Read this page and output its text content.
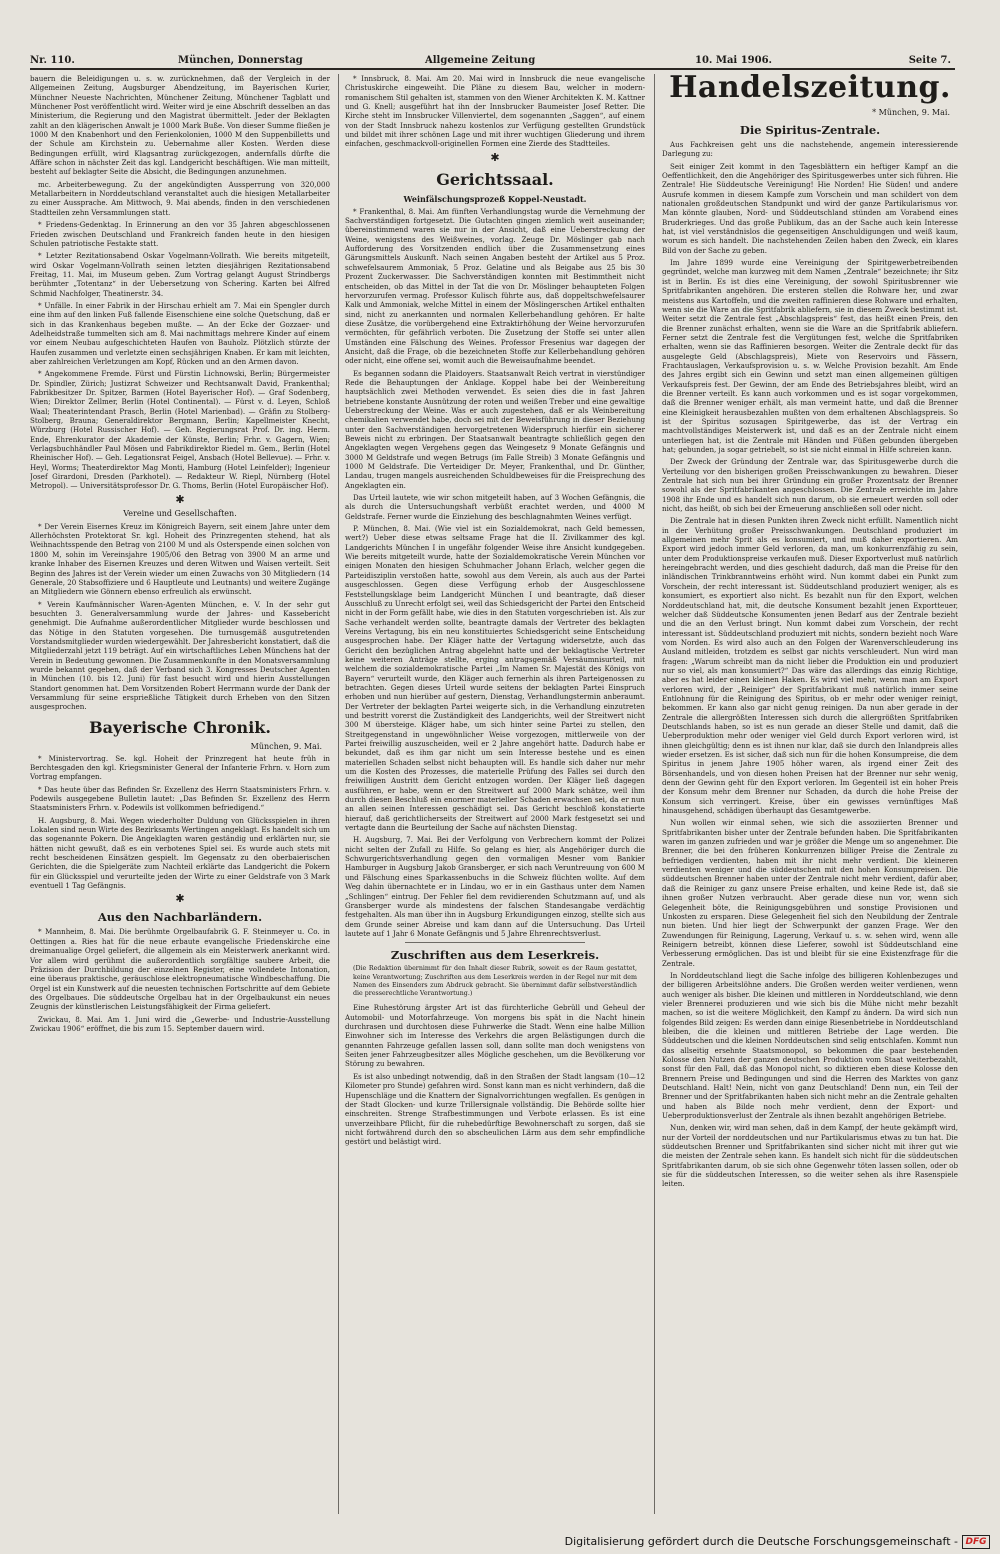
Nr. 110.	München, Donnerstag	Allgemeine Zeitung	10. Mai 1906.	Seite 7.

bauern die Beleidigungen u. s. w. zurücknehmen, daß der Vergleich in der Allgemeinen Zeitung, Augsburger Abendzeitung, im Bayerischen Kurier, Münchner Neueste Nachrichten, Münchener Zeitung, Münchener Tagblatt und Münchener Post veröffentlicht wird. Weiter wird je eine Abschrift desselben an das Ministerium, die Regierung und den Magistrat übermittelt. Jeder der Beklagten zahlt an den klägerischen Anwalt je 1000 Mark Buße. Von dieser Summe fließen je 1000 M den Knabenhort und den Ferienkolonien, 1000 M den Suppenbilletts und der Schule am Kirchstein zu. Uebernahme aller Kosten. Werden diese Bedingungen erfüllt, wird Klagsantrag zurückgezogen, andernfalls dürfte die Affäre schon in nächster Zeit das kgl. Landgericht beschäftigen. Wie man mitteilt, besteht auf beklagter Seite die Absicht, die Bedingungen anzunehmen.

mc. Arbeiterbewegung. Zu der angekündigten Aussperrung von 320,000 Metallarbeitern in Norddeutschland veranstaltet auch die hiesigen Metallarbeiter zu einer Aussprache. Am Mittwoch, 9. Mai abends, finden in den verschiedenen Stadtteilen zehn Versammlungen statt.

* Friedens-Gedenktag. In Erinnerung an den vor 35 Jahren abgeschlossenen Frieden zwischen Deutschland und Frankreich fanden heute in den hiesigen Schulen patriotische Festakte statt.

* Letzter Rezitationsabend Oskar Vogelmann-Vollrath. Wie bereits mitgeteilt, wird Oskar Vogelmann-Vollrath seinen letzten diesjährigen Rezitationsabend Freitag, 11. Mai, im Museum geben. Zum Vortrag gelangt August Strindbergs berühmter „Totentanz“ in der Uebersetzung von Schering. Karten bei Alfred Schmid Nachfolger, Theatinerstr. 34.

* Unfälle. In einer Fabrik in der Hirschau erhielt am 7. Mai ein Spengler durch eine ihm auf den linken Fuß fallende Eisenschiene eine solche Quetschung, daß er sich in das Krankenhaus begeben mußte. — An der Ecke der Gozzaer- und Adelheidstraße tummelten sich am 8. Mai nachmittags mehrere Kinder auf einem vor einem Neubau aufgeschichteten Haufen von Bauholz. Plötzlich stürzte der Haufen zusammen und verletzte einen sechsjährigen Knaben. Er kam mit leichten, aber zahlreichen Verletzungen am Kopf, Rücken und an den Armen davon.

* Angekommene Fremde. Fürst und Fürstin Lichnowski, Berlin; Bürgermeister Dr. Spindler, Zürich; Justizrat Schweizer und Rechtsanwalt David, Frankenthal; Fabrikbesitzer Dr. Spitzer, Barmen (Hotel Bayerischer Hof). — Graf Sodenberg, Wien; Direktor Zellmer, Berlin (Hotel Continental). — Fürst v. d. Leyen, Schloß Waal; Theaterintendant Prasch, Berlin (Hotel Marienbad). — Gräfin zu Stolberg-Stolberg, Brauna; Generaldirektor Bergmann, Berlin; Kapellmeister Knecht, Würzburg (Hotel Russischer Hof). — Geh. Regierungsrat Prof. Dr. ing. Herm. Ende, Ehrenkurator der Akademie der Künste, Berlin; Frhr. v. Gagern, Wien; Verlagsbuchhändler Paul Mösen und Fabrikdirektor Riedel m. Gem., Berlin (Hotel Rheinischer Hof). — Geh. Legationsrat Feigel, Ansbach (Hotel Bellevue). — Frhr. v. Heyl, Worms; Theaterdirektor Mag Monti, Hamburg (Hotel Leinfelder); Ingenieur Josef Girardoni, Dresden (Parkhotel). — Redakteur W. Riepl, Nürnberg (Hotel Metropol). — Universitätsprofessor Dr. G. Thoms, Berlin (Hotel Europäischer Hof).

✱
Vereine und Gesellschaften.

* Der Verein Eisernes Kreuz im Königreich Bayern, seit einem Jahre unter dem Allerhöchsten Protektorat Sr. kgl. Hoheit des Prinzregenten stehend, hat als Weihnachtsspende den Betrag von 2100 M und als Osterspende einen solchen von 1800 M, sohin im Vereinsjahre 1905/06 den Betrag von 3900 M an arme und kranke Inhaber des Eisernen Kreuzes und deren Witwen und Waisen verteilt. Seit Beginn des Jahres ist der Verein wieder um einen Zuwachs von 30 Mitgliedern (14 Generale, 20 Stabsoffiziere und 6 Hauptleute und Leutnants) und weitere Zugänge an Mitgliedern wie Gönnern ebenso erfreulich als erwünscht.

* Verein Kaufmännischer Waren-Agenten München, e. V. In der sehr gut besuchten 3. Generalversammlung wurde der Jahres- und Kassebericht genehmigt. Die Aufnahme außerordentlicher Mitglieder wurde beschlossen und das Nötige in den Statuten vorgesehen. Die turnusgemäß ausgutretenden Vorstandsmitglieder wurden wiedergewählt. Der Jahresbericht konstatiert, daß die Mitgliederzahl jetzt 119 beträgt. Auf ein wirtschaftliches Leben Münchens hat der Verein in Bedeutung gewonnen. Die Zusammenkunfte in den Monatsversammlung wurde bekannt gegeben, daß der Verband sich 3. Kongresses Deutscher Agenten in München (10. bis 12. Juni) für fast besucht wird und hierin Ausstellungen Standort genommen hat. Dem Vorsitzenden Robert Herrmann wurde der Dank der Versammlung für seine ersprießliche Tätigkeit durch Erheben von den Sitzen ausgesprochen.

Bayerische Chronik.
München, 9. Mai.

* Ministervortrag. Se. kgl. Hoheit der Prinzregent hat heute früh in Berchtesgaden den kgl. Kriegsminister General der Infanterie Frhrn. v. Horn zum Vortrag empfangen.

* Das heute über das Befinden Sr. Exzellenz des Herrn Staatsministers Frhrn. v. Podewils ausgegebene Bulletin lautet: „Das Befinden Sr. Exzellenz des Herrn Staatsministers Frhrn. v. Podewils ist vollkommen befriedigend.“

H. Augsburg, 8. Mai. Wegen wiederholter Duldung von Glücksspielen in ihren Lokalen sind neun Wirte des Bezirksamts Wertingen angeklagt. Es handelt sich um das sogenannte Pokern. Die Angeklagten waren geständig und erklärten nur, sie hätten nicht gewußt, daß es ein verbotenes Spiel sei. Es wurde auch stets mit recht bescheidenen Einsätzen gespielt. Im Gegensatz zu den oberbaierischen Gerichten, die die Spielgeräte zum Nachteil erklärte das Landgericht die Pokern für ein Glücksspiel und verurteilte jeden der Wirte zu einer Geldstrafe von 3 Mark eventuell 1 Tag Gefängnis.

✱
Aus den Nachbarländern.

* Mannheim, 8. Mai. Die berühmte Orgelbaufabrik G. F. Steinmeyer u. Co. in Oettingen a. Ries hat für die neue erbaute evangelische Friedenskirche eine dreimanualige Orgel geliefert, die allgemein als ein Meisterwerk anerkannt wird. Vor allem wird gerühmt die außerordentlich sorgfältige saubere Arbeit, die Präzision der Durchbildung der einzelnen Register, eine vollendete Intonation, eine überaus praktische, geräuschlose elektropneumatische Windbeschaffung. Die Orgel ist ein Kunstwerk auf die neuesten technischen Fortschritte auf dem Gebiete des Orgelbaues. Die süddeutsche Orgelbau hat in der Orgelbaukunst ein neues Zeugnis der künstlerischen Leistungsfähigkeit der Firma geliefert.

Zwickau, 8. Mai. Am 1. Juni wird die „Gewerbe- und Industrie-Ausstellung Zwickau 1906“ eröffnet, die bis zum 15. September dauern wird.

* Innsbruck, 8. Mai. Am 20. Mai wird in Innsbruck die neue evangelische Christuskirche eingeweiht. Die Pläne zu diesem Bau, welcher in modern-romanischem Stil gehalten ist, stammen von den Wiener Architekten K. M. Kattner und G. Knell; ausgeführt hat ihn der Innsbrucker Baumeister Josef Retter. Die Kirche steht im Innsbrucker Villenviertel, dem sogenannten „Saggen“, auf einem von der Stadt Innsbruck nahezu kostenlos zur Verfügung gestellten Grundstück und bildet mit ihrer schönen Lage und mit ihrer wuchtigen Gliederung und ihrem einfachen, geschmackvoll-originellen Formen eine Zierde des Stadtteiles.

✱
Gerichtssaal.
Weinfälschungsprozeß Koppel-Neustadt.

* Frankenthal, 8. Mai. Am fünften Verhandlungstag wurde die Vernehmung der Sachverständigen fortgesetzt. Die Gutachten gingen ziemlich weit auseinander; übereinstimmend waren sie nur in der Ansicht, daß eine Ueberstreckung der Weine, wenigstens des Weißweines, vorlag. Zeuge Dr. Möslinger gab nach Aufforderung des Vorsitzenden endlich über die Zusammensetzung eines Gärungsmittels Auskunft. Nach seinen Angaben besteht der Artikel aus 5 Proz. schwefelsaurem Ammoniak, 5 Proz. Gelatine und als Beigabe aus 25 bis 30 Prozent Zuckerwasser. Die Sachverständigen konnten mit Bestimmtheit nicht entscheiden, ob das Mittel in der Tat die von Dr. Möslinger behaupteten Folgen hervorzurufen vermag. Professor Kulisch führte aus, daß doppeltschwefelsaurer Kalk und Ammoniak, welche Mittel in einem der Möslingerschen Artikel enthalten sind, nicht zu anerkannten und normalen Kellerbehandlung gehören. Er halte diese Zusätze, die vorübergehend eine Extraktirhöhung der Weine hervorzurufen vermöchten, für gefährlich verboten. Die Zusetzung der Stoffe sei unter allen Umständen eine Fälschung des Weines. Professor Fresenius war dagegen der Ansicht, daß die Frage, ob die bezeichneten Stoffe zur Kellerbehandlung gehören oder nicht, eine offene sei, womit auch die Beweisaufnahme beendet.

Es begannen sodann die Plaidoyers. Staatsanwalt Reich vertrat in vierstündiger Rede die Behauptungen der Anklage. Koppel habe bei der Weinbereitung hauptsächlich zwei Methoden verwendet. Es seien dies die in fast Jahren betriebene konstante Ausnützung der roten und weißen Treber und eine gewaltige Ueberstreckung der Weine. Was er auch zugestehen, daß er als Weinbereitung chemikalien verwendet habe, doch sei mit der Beweisführung in dieser Beziehung unter den Sachverständigen hervorgetretenen Widerspruch hierfür ein sicherer Beweis nicht zu erbringen. Der Staatsanwalt beantragte schließlich gegen den Angeklagten wegen Vergehens gegen das Weingesetz 9 Monate Gefängnis und 3000 M Geldstrafe und wegen Betrugs (im Falle Streib) 3 Monate Gefängnis und 1000 M Geldstrafe. Die Verteidiger Dr. Meyer, Frankenthal, und Dr. Günther, Landau, trugen mangels ausreichenden Schuldbeweises für die Freisprechung des Angeklagten ein.

Das Urteil lautete, wie wir schon mitgeteilt haben, auf 3 Wochen Gefängnis, die als durch die Untersuchungshaft verbüßt erachtet werden, und 4000 M Geldstrafe. Ferner wurde die Einziehung des beschlagnahmten Weines verfügt.

P. München, 8. Mai. (Wie viel ist ein Sozialdemokrat, nach Geld bemessen, wert?) Ueber diese etwas seltsame Frage hat die II. Zivilkammer des kgl. Landgerichts München I in ungefähr folgender Weise ihre Ansicht kundgegeben. Wie bereits mitgeteilt wurde, hatte der Sozialdemokratische Verein München vor einigen Monaten den hiesigen Schuhmacher Johann Erlach, welcher gegen die Parteidisziplin verstoßen hatte, sowohl aus dem Verein, als auch aus der Partei ausgeschlossen. Gegen diese Verfügung erhob der Ausgeschlossene Feststellungsklage beim Landgericht München I und beantragte, daß dieser Ausschluß zu Unrecht erfolgt sei, weil das Schiedsgericht der Partei den Entscheid nicht in der Form gefällt habe, wie dies in den Statuten vorgeschrieben ist. Als zur Sache verhandelt werden sollte, beantragte damals der Vertreter des beklagten Vereins Vertagung, bis ein neu konstituiertes Schiedsgericht seine Entscheidung ausgesprochen habe. Der Kläger hatte der Vertagung widersetzte, auch das Gericht den bezüglichen Antrag abgelehnt hatte und der beklagtische Vertreter keine weiteren Anträge stellte, erging antragsgemäß Versäumnisurteil, mit welchem die sozialdemokratische Partei „Im Namen Sr. Majestät des Königs von Bayern“ verurteilt wurde, den Kläger auch fernerhin als ihren Parteigenossen zu betrachten. Gegen dieses Urteil wurde seitens der beklagten Partei Einspruch erhoben und nun hierüber auf gestern, Dienstag, Verhandlungstermin anberaumt. Der Vertreter der beklagten Partei weigerte sich, in die Verhandlung einzutreten und bestritt vorerst die Zuständigkeit des Landgerichts, weil der Streitwert nicht 300 M übersteige. Kläger habe, um sich hinter seine Partei zu stellen, den Streitgegenstand in ungewöhnlicher Weise vorgezogen, mittlerweile von der Partei freiwillig auszuscheiden, weil er 2 Jahre angehört hatte. Dadurch habe er bekundet, daß es ihm gar nicht um sein Interesse bestehe und es einen materiellen Schaden selbst nicht behaupten will. Es handle sich daher nur mehr um die Kosten des Prozesses, die materielle Prüfung des Falles sei durch den freiwilligen Austritt dem Gericht entzogen worden. Der Kläger ließ dagegen ausführen, er habe, wenn er den Streitwert auf 2000 Mark schätze, weil ihm durch diesen Beschluß ein enormer materieller Schaden erwachsen sei, da er nun an allen seinen Interessen geschädigt sei. Das Gericht beschloß konstatierte hierauf, daß gerichtlicherseits der Streitwert auf 2000 Mark festgesetzt sei und vertagte dann die Beurteilung der Sache auf nächsten Dienstag.

H. Augsburg, 7. Mai. Bei der Verfolgung von Verbrechern kommt der Polizei nicht selten der Zufall zu Hilfe. So gelang es hier, als Angehöriger durch die Schwurgerichtsverhandlung gegen den vormaligen Mesner vom Bankier Hamburger in Augsburg Jakob Gransberger, er sich nach Veruntreuung von 600 M und Fälschung eines Sparkassenbuchs in die Schweiz flüchten wollte. Auf dem Weg dahin übernachtete er in Lindau, wo er in ein Gasthaus unter dem Namen „Schlingen“ eintrug. Der Fehler fiel dem revidierenden Schutzmann auf, und als Gransberger wurde als mindestens der falschen Standesangabe verdächtig festgehalten. Als man über ihn in Augsburg Erkundigungen einzog, stellte sich aus dem Grunde seiner Abreise und kam dann auf die Untersuchung. Das Urteil lautete auf 1 Jahr 6 Monate Gefängnis und 5 Jahre Ehrenrechtsverlust.

Zuschriften aus dem Leserkreis.
(Die Redaktion übernimmt für den Inhalt dieser Rubrik, soweit es der Raum gestattet, keine Verantwortung; Zuschriften aus dem Leserkreis werden in der Regel nur mit dem Namen des Einsenders zum Abdruck gebracht. Sie übernimmt dafür selbstverständlich die presserechtliche Verantwortung.)

Eine Ruhestörung ärgster Art ist das fürchterliche Gebrüll und Geheul der Automobil- und Motorfahrzeuge. Von morgens bis spät in die Nacht hinein durchrasen und durchtosen diese Fuhrwerke die Stadt. Wenn eine halbe Million Einwohner sich im Interesse des Verkehrs die argen Belästigungen durch die genannten Fahrzeuge gefallen lassen soll, dann sollte man doch wenigstens von Seiten jener Fahrzeugbesitzer alles Mögliche geschehen, um die Bevölkerung vor Störung zu bewahren.

Es ist also unbedingt notwendig, daß in den Straßen der Stadt langsam (10—12 Kilometer pro Stunde) gefahren wird. Sonst kann man es nicht verhindern, daß die Hupenschläge und die Knattern der Signalvorrichtungen wegfallen. Es genügen in der Stadt Glocken- und kurze Trillersignale vollständig. Die Behörde sollte hier einschreiten. Strenge Strafbestimmungen und Verbote erlassen. Es ist eine unverzeihbare Pflicht, für die ruhebedürftige Bewohnerschaft zu sorgen, daß sie nicht fortwährend durch den so abscheulichen Lärm aus dem sehr empfindliche gestört und belästigt wird.

Handelszeitung.
* München, 9. Mai.
Die Spiritus-Zentrale.

Aus Fachkreisen geht uns die nachstehende, angemein interessierende Darlegung zu:

Seit einiger Zeit kommt in den Tagesblättern ein heftiger Kampf an die Oeffentlichkeit, den die Angehöriger des Spiritusgewerbes unter sich führen. Hie Zentrale! Hie Süddeutsche Vereinigung! Hie Norden! Hie Süden! und andere Ausrufe kommen in diesem Kampfe zum Vorschein und man schildert von dem nationalen großdeutschen Standpunkt und wird der ganze Partikularismus vor. Man könnte glauben, Nord- und Süddeutschland stünden am Vorabend eines Bruderkrieges. Und das große Publikum, das an der Sache auch kein Interesse hat, ist viel verständnislos die gegenseitigen Anschuldigungen und weiß kaum, worum es sich handelt. Die nachstehenden Zeilen haben den Zweck, ein klares Bild von der Sache zu geben.

Im Jahre 1899 wurde eine Vereinigung der Spiritgewerbetreibenden gegründet, welche man kurzweg mit dem Namen „Zentrale“ bezeichnete; ihr Sitz ist in Berlin. Es ist dies eine Vereinigung, der sowohl Spiritusbrenner wie Spritfabrikanten angehören. Die ersteren stellen die Rohware her, und zwar meistens aus Kartoffeln, und die zweiten raffinieren diese Rohware und erhalten, wenn sie die Ware an die Spritfabrik abliefern, sie in diesem Zweck bestimmt ist. Weiter setzt die Zentrale fest „Abschlagspreis“ fest, das heißt einen Preis, den die Brenner zunächst erhalten, wenn sie die Ware an die Spritfabrik abliefern. Ferner setzt die Zentrale fest die Vergütungen fest, welche die Spritfabriken erhalten, wenn sie das Raffinieren besorgen. Weiter die Zentrale deckt für das ausgelegte Geld (Abschlagspreis), Miete von Reservoirs und Fässern, Frachtauslagen, Verkaufsprovision u. s. w. Welche Provision bezahlt. Am Ende des Jahres ergibt sich ein Gewinn und setzt man einen allgemeinen gültigen Verkaufspreis fest. Der Gewinn, der am Ende des Betriebsjahres bleibt, wird an die Brenner verteilt. Es kann auch vorkommen und es ist sogar vorgekommen, daß die Brenner weniger erhält, als man vermeint hatte, und daß die Brenner eine Kleinigkeit herausbezahlen mußten von dem erhaltenen Abschlagspreis. So ist der Spiritus sozusagen Spiritgewerbe, das ist der Vertrag ein machtvollständiges Meisterwerk ist, und daß es an der Zentrale nicht einem unterliegen hat, ist die Zentrale mit Händen und Füßen gebunden übergeben hat; gebunden, ja sogar getriebelt, so ist sie nicht einmal in Hilfe schreien kann.

Der Zweck der Gründung der Zentrale war, das Spiritusgewerbe durch die Verteilung vor den bisherigen großen Preisschwankungen zu bewahren. Dieser Zentrale hat sich nun bei ihrer Gründung ein großer Prozentsatz der Brenner sowohl als der Spritfabrikanten angeschlossen. Die Zentrale erreichte im Jahre 1908 ihr Ende und es handelt sich nun darum, ob sie erneuert werden soll oder nicht, das heißt, ob sich bei der Erneuerung anschließen soll oder nicht.

Die Zentrale hat in diesen Punkten ihren Zweck nicht erfüllt. Namentlich nicht in der Verhütung großer Preisschwankungen. Deutschland produziert im allgemeinen mehr Sprit als es konsumiert, und muß daher exportieren. Am Export wird jedoch immer Geld verloren, da man, um konkurrenzfähig zu sein, unter dem Produktionspreise verkaufen muß. Dieser Exportverlust muß natürlich hereingebracht werden, und dies geschieht dadurch, daß man die Preise für den inländischen Trinkbranntweins erhöht wird. Nun kommt dabei ein Punkt zum Vorschein, der recht interessant ist. Süddeutschland produziert weniger, als es konsumiert, es exportiert also nicht. Es bezahlt nun für den Export, welchen Norddeutschland hat, mit, die deutsche Konsument bezahlt jenen Exportteuer, welcher daß Süddeutsche Konsumenten jenen Bedarf aus der Zentrale bezieht und die an den Verlust bringt. Nun kommt dabei zum Vorschein, der recht interessant ist. Süddeutschland produziert mit nichts, sondern bezieht noch Ware vom Norden. Es wird also auch an den Folgen der Warenverschleuderung ins Ausland mitleiden, trotzdem es selbst gar nichts verschleudert. Nun wird man fragen: „Warum schreibt man da nicht lieber die Produktion ein und produziert nur so viel, als man konsumiert?“ Das wäre das allerdings das einzig Richtige, aber es hat leider einen kleinen Haken. Es wird viel mehr, wenn man am Export verloren wird, der „Reiniger“ der Spritfabrikant muß natürlich immer seine Entlohnung für die Reinigung des Spiritus, ob er mehr oder weniger reinigt, bekommen. Er kann also gar nicht genug reinigen. Da nun aber gerade in der Zentrale die allergrößten Interessen sich durch die allergrößten Spritfabriken Deutschlands haben, so ist es nun gerade an dieser Stelle und damit, daß die Ueberproduktion mehr oder weniger viel Geld durch Export verloren wird, ist ihnen gleichgültig; denn es ist ihnen nur klar, daß sie durch den Inlandpreis alles wieder ersetzen. Es ist sicher, daß sich nun für die hohen Konsumpreise, die dem Spiritus in jenem Jahre 1905 höher waren, als irgend einer Zeit des Börsenhandels, und von diesen hohen Preisen hat der Brenner nur sehr wenig, denn der Gewinn geht für den Export verloren. Im Gegenteil ist ein hoher Preis der Konsum mehr dem Brenner nur Schaden, da durch die hohe Preise der Konsum sich verringert. Kreise, über ein gewisses vernünftiges Maß hinausgehend, schädigen überhaupt das Gesamtgewerbe.

Nun wollen wir einmal sehen, wie sich die assoziierten Brenner und Spritfabrikanten bisher unter der Zentrale befunden haben. Die Spritfabrikanten waren im ganzen zufrieden und war je größer die Menge um so angenehmer. Die Brenner, die bei den früheren Konkurrenzen billiger Preise die Zentrale zu befriedigen verdienten, haben mit ihr nicht mehr verdient. Die kleineren verdienten weniger und die süddeutschen mit den hohen Konsumpreisen. Die süddeutschen Brenner haben unter der Zentrale nicht mehr verdient, dafür aber, daß die Reiniger zu ganz unsere Preise erhalten, und keine Rede ist, daß sie ihnen großer Nutzen verbraucht. Aber gerade diese nun vor, wenn sich Gelegenheit böte, die Reinigungsgebühren und sonstige Provisionen und Unkosten zu ersparen. Diese Gelegenheit fiel sich den Neubildung der Zentrale nun bieten. Und hier liegt der Schwerpunkt der ganzen Frage. Wer den Zuwendungen für Reinigung, Lagerung, Verkauf u. s. w. sehen wird, wenn alle Reinigern betreibt, können diese Lieferer, sowohl ist Süddeutschland eine Verbesserung ermöglichen. Das ist und bleibt für sie eine Existenzfrage für die Zentrale.

In Norddeutschland liegt die Sache infolge des billigeren Kohlenbezuges und der billigeren Arbeitslöhne anders. Die Großen werden weiter verdienen, wenn auch weniger als bisher. Die kleinen und mittleren in Norddeutschland, wie denn vieler Brennerei produzieren und wie sich bis die Mühe nicht mehr bezahlt machen, so ist die weitere Möglichkeit, den Kampf zu ändern. Da wird sich nun folgendes Bild zeigen: Es werden dann einige Riesenbetriebe in Norddeutschland bleiben, die die kleinen und mittleren Betriebe der Lage werden. Die Süddeutschen und die kleinen Norddeutschen sind selig entschlafen. Kommt nun das allseitig ersehnte Staatsmonopol, so bekommen die paar bestehenden Kolosse den Nutzen der ganzen deutschen Produktion vom Staat weiterbezahlt, sonst für den Fall, daß das Monopol nicht, so diktieren eben diese Kolosse den Brennern Preise und Bedingungen und sind die Herren des Marktes von ganz Deutschland. Halt! Nein, nicht von ganz Deutschland! Denn nun, ein Teil der Brenner und der Spritfabrikanten haben sich nicht mehr an die Zentrale gehalten und haben als Bilde noch mehr verdient, denn der Export- und Ueberproduktionsverlust der Zentrale als ihnen bezahlt angehörigen Betriebe.

Nun, denken wir, wird man sehen, daß in dem Kampf, der heute gekämpft wird, nur der Vorteil der norddeutschen und nur Partikularismus etwas zu tun hat. Die süddeutschen Brenner und Spritfabrikanten sind sicher nicht mit ihrer gut wie die meisten der Zentrale sehen kann. Es handelt sich nicht für die süddeutschen Spritfabrikanten darum, ob sie sich ohne Gegenwehr töten lassen sollen, oder ob sie für die süddeutschen Interessen, so die weiter sehen als ihre Rasenspiele leiten.

Digitalisierung gefördert durch die Deutsche Forschungsgemeinschaft - DFG
